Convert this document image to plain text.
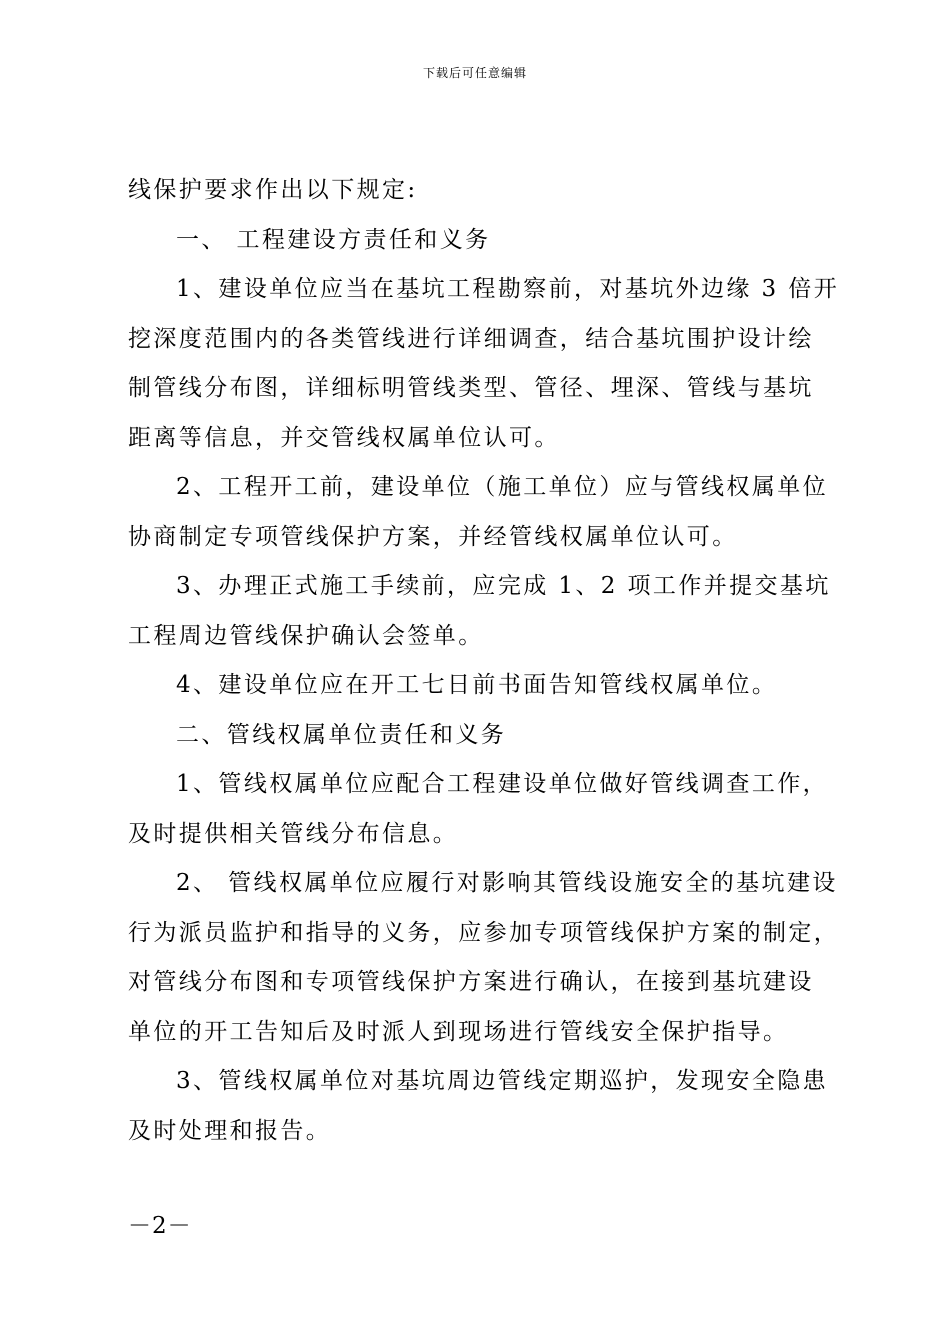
下载后可任意编辑
线保护要求作出以下规定:
一、 工程建设方责任和义务
1、建设单位应当在基坑工程勘察前，对基坑外边缘 3 倍开
挖深度范围内的各类管线进行详细调查，结合基坑围护设计绘
制管线分布图，详细标明管线类型、管径、埋深、管线与基坑
距离等信息，并交管线权属单位认可。
2、工程开工前，建设单位（施工单位）应与管线权属单位
协商制定专项管线保护方案，并经管线权属单位认可。
3、办理正式施工手续前，应完成 1、2 项工作并提交基坑
工程周边管线保护确认会签单。
4、建设单位应在开工七日前书面告知管线权属单位。
二、管线权属单位责任和义务
1、管线权属单位应配合工程建设单位做好管线调查工作，
及时提供相关管线分布信息。
2、 管线权属单位应履行对影响其管线设施安全的基坑建设
行为派员监护和指导的义务，应参加专项管线保护方案的制定，
对管线分布图和专项管线保护方案进行确认，在接到基坑建设
单位的开工告知后及时派人到现场进行管线安全保护指导。
3、管线权属单位对基坑周边管线定期巡护，发现安全隐患
及时处理和报告。
－2－
